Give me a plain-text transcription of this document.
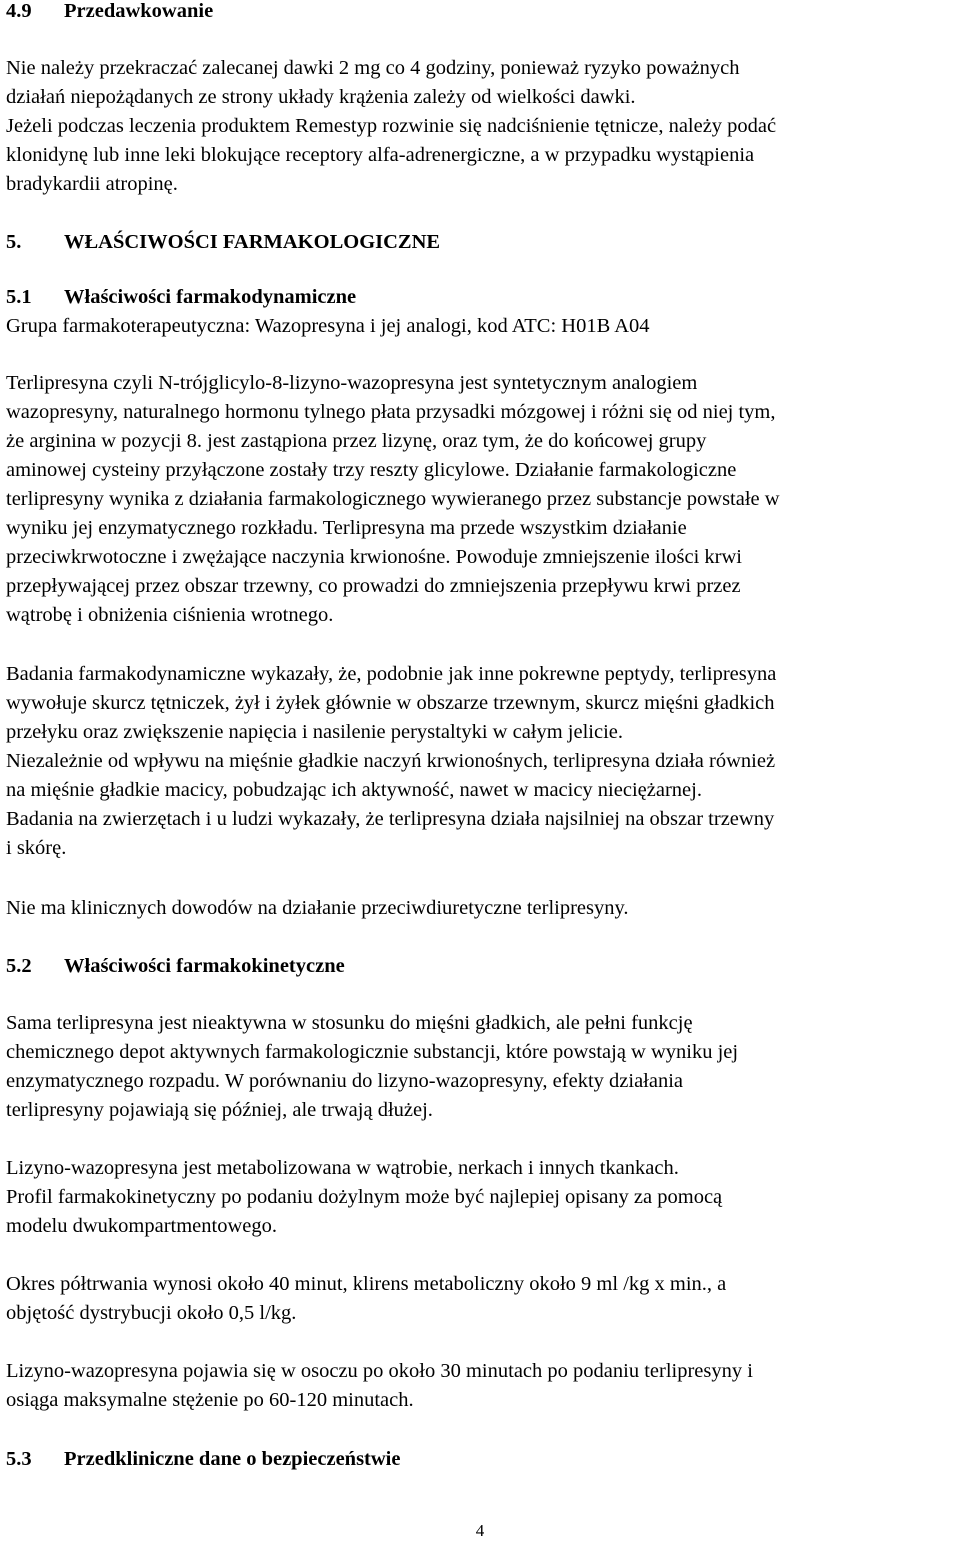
4.9 Przedawkowanie
Nie należy przekraczać zalecanej dawki 2 mg co 4 godziny, ponieważ ryzyko poważnych
działań niepożądanych ze strony układy krążenia zależy od wielkości dawki.
Jeżeli podczas leczenia produktem Remestyp rozwinie się nadciśnienie tętnicze, należy podać
klonidynę lub inne leki blokujące receptory alfa-adrenergiczne, a w przypadku wystąpienia
bradykardii atropinę.
5. WŁAŚCIWOŚCI FARMAKOLOGICZNE
5.1 Właściwości farmakodynamiczne
Grupa farmakoterapeutyczna: Wazopresyna i jej analogi, kod ATC: H01B A04
Terlipresyna czyli N-trójglicylo-8-lizyno-wazopresyna jest syntetycznym analogiem
wazopresyny, naturalnego hormonu tylnego płata przysadki mózgowej i różni się od niej tym,
że arginina w pozycji 8. jest zastąpiona przez lizynę, oraz tym, że do końcowej grupy
aminowej cysteiny przyłączone zostały trzy reszty glicylowe. Działanie farmakologiczne
terlipresyny wynika z działania farmakologicznego wywieranego przez substancje powstałe w
wyniku jej enzymatycznego rozkładu. Terlipresyna ma przede wszystkim działanie
przeciwkrwotoczne i zwężające naczynia krwionośne. Powoduje zmniejszenie ilości krwi
przepływającej przez obszar trzewny, co prowadzi do zmniejszenia przepływu krwi przez
wątrobę i obniżenia ciśnienia wrotnego.
Badania farmakodynamiczne wykazały, że, podobnie jak inne pokrewne peptydy, terlipresyna
wywołuje skurcz tętniczek, żył i żyłek głównie w obszarze trzewnym, skurcz mięśni gładkich
przełyku oraz zwiększenie napięcia i nasilenie perystaltyki w całym jelicie.
Niezależnie od wpływu na mięśnie gładkie naczyń krwionośnych, terlipresyna działa również
na mięśnie gładkie macicy, pobudzając ich aktywność, nawet w macicy nieciężarnej.
Badania na zwierzętach i u ludzi wykazały, że terlipresyna działa najsilniej na obszar trzewny
i skórę.
Nie ma klinicznych dowodów na działanie przeciwdiuretyczne terlipresyny.
5.2 Właściwości farmakokinetyczne
Sama terlipresyna jest nieaktywna w stosunku do mięśni gładkich, ale pełni funkcję
chemicznego depot aktywnych farmakologicznie substancji, które powstają w wyniku jej
enzymatycznego rozpadu. W porównaniu do lizyno-wazopresyny, efekty działania
terlipresyny pojawiają się później, ale trwają dłużej.
Lizyno-wazopresyna jest metabolizowana w wątrobie, nerkach i innych tkankach.
Profil farmakokinetyczny po podaniu dożylnym może być najlepiej opisany za pomocą
modelu dwukompartmentowego.
Okres półtrwania wynosi około 40 minut, klirens metaboliczny około 9 ml /kg x min., a
objętość dystrybucji około 0,5 l/kg.
Lizyno-wazopresyna pojawia się w osoczu po około 30 minutach po podaniu terlipresyny i
osiąga maksymalne stężenie po 60-120 minutach.
5.3 Przedkliniczne dane o bezpieczeństwie
4
